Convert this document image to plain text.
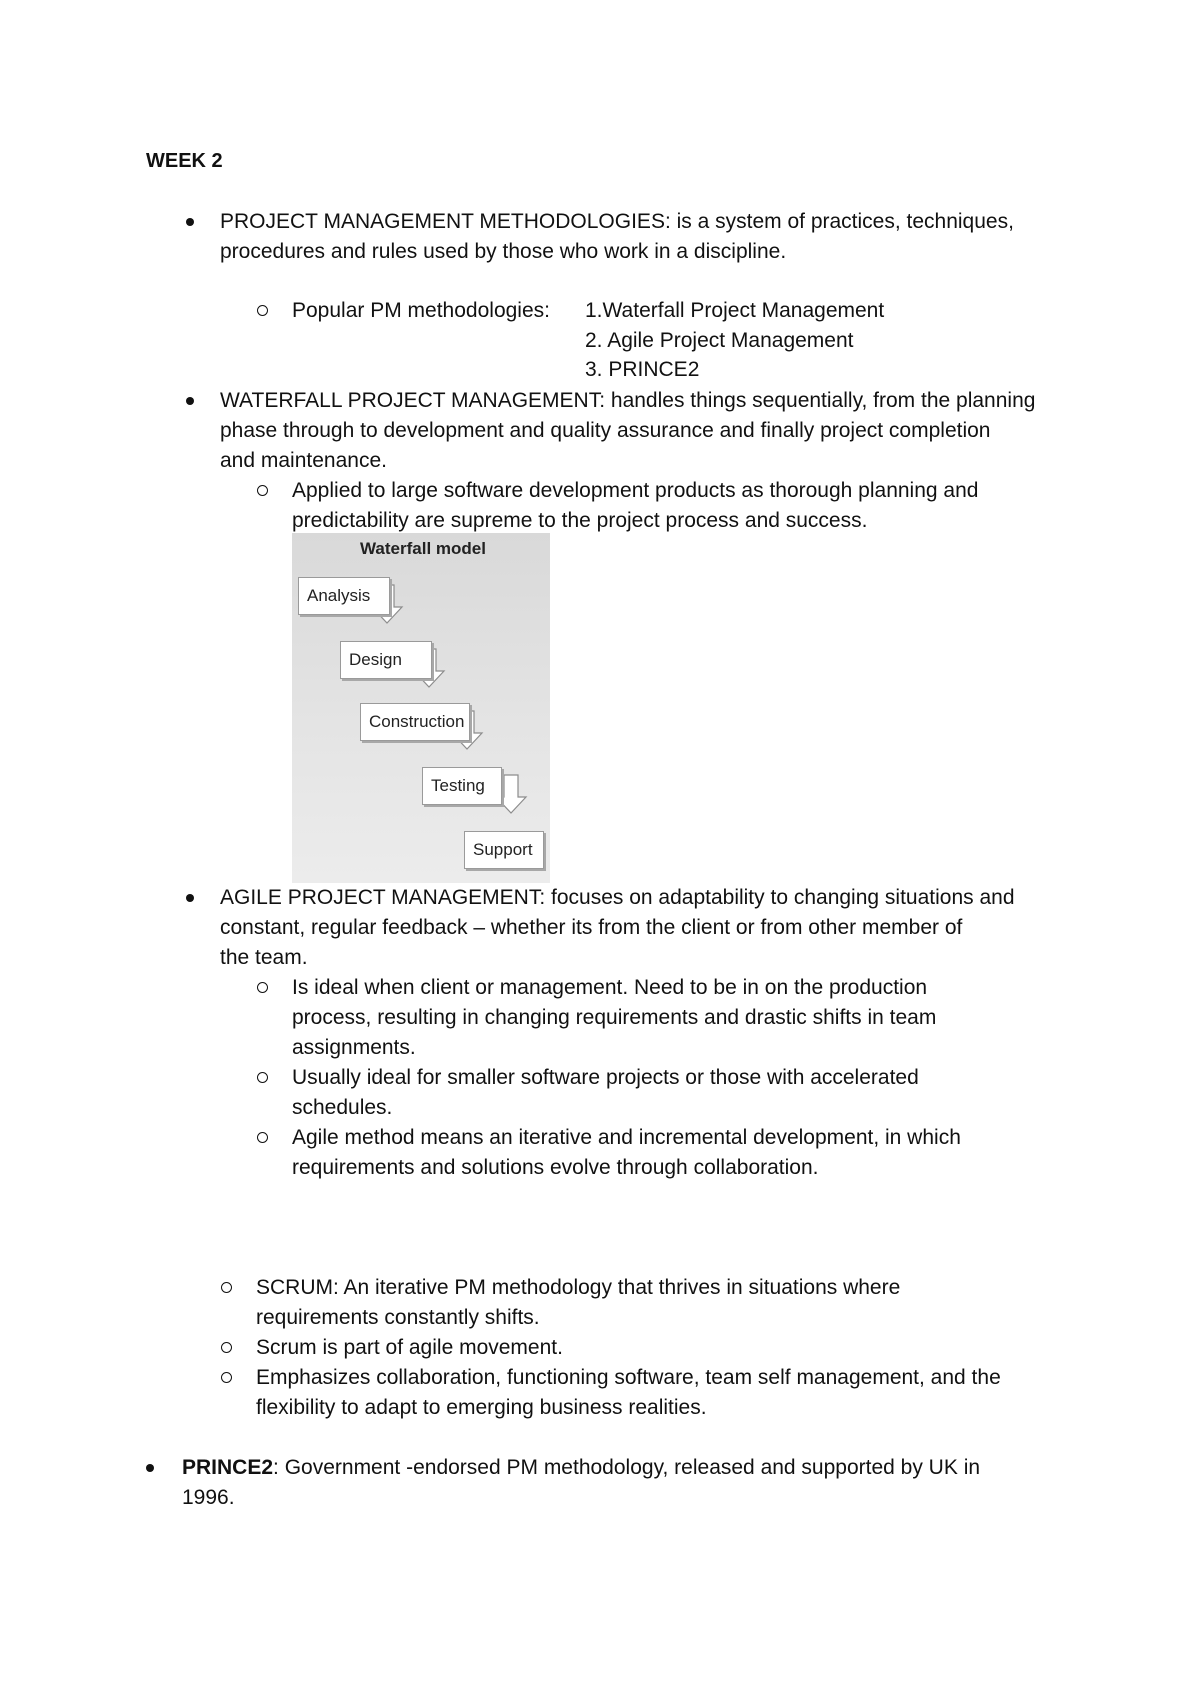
WEEK 2
PROJECT MANAGEMENT METHODOLOGIES: is a system of practices, techniques,
procedures and rules used by those who work in a discipline.
Popular PM methodologies: 1.Waterfall Project Management
2. Agile Project Management
3. PRINCE2
WATERFALL PROJECT MANAGEMENT: handles things sequentially, from the planning
phase through to development and quality assurance and finally project completion
and maintenance.
Applied to large software development products as thorough planning and
predictability are supreme to the project process and success.
Waterfall model
Analysis
Design
Construction
Testing
Support
AGILE PROJECT MANAGEMENT: focuses on adaptability to changing situations and
constant, regular feedback – whether its from the client or from other member of
the team.
Is ideal when client or management. Need to be in on the production
process, resulting in changing requirements and drastic shifts in team
assignments.
Usually ideal for smaller software projects or those with accelerated
schedules.
Agile method means an iterative and incremental development, in which
requirements and solutions evolve through collaboration.
SCRUM: An iterative PM methodology that thrives in situations where
requirements constantly shifts.
Scrum is part of agile movement.
Emphasizes collaboration, functioning software, team self management, and the
flexibility to adapt to emerging business realities.
PRINCE2: Government -endorsed PM methodology, released and supported by UK in
1996.
